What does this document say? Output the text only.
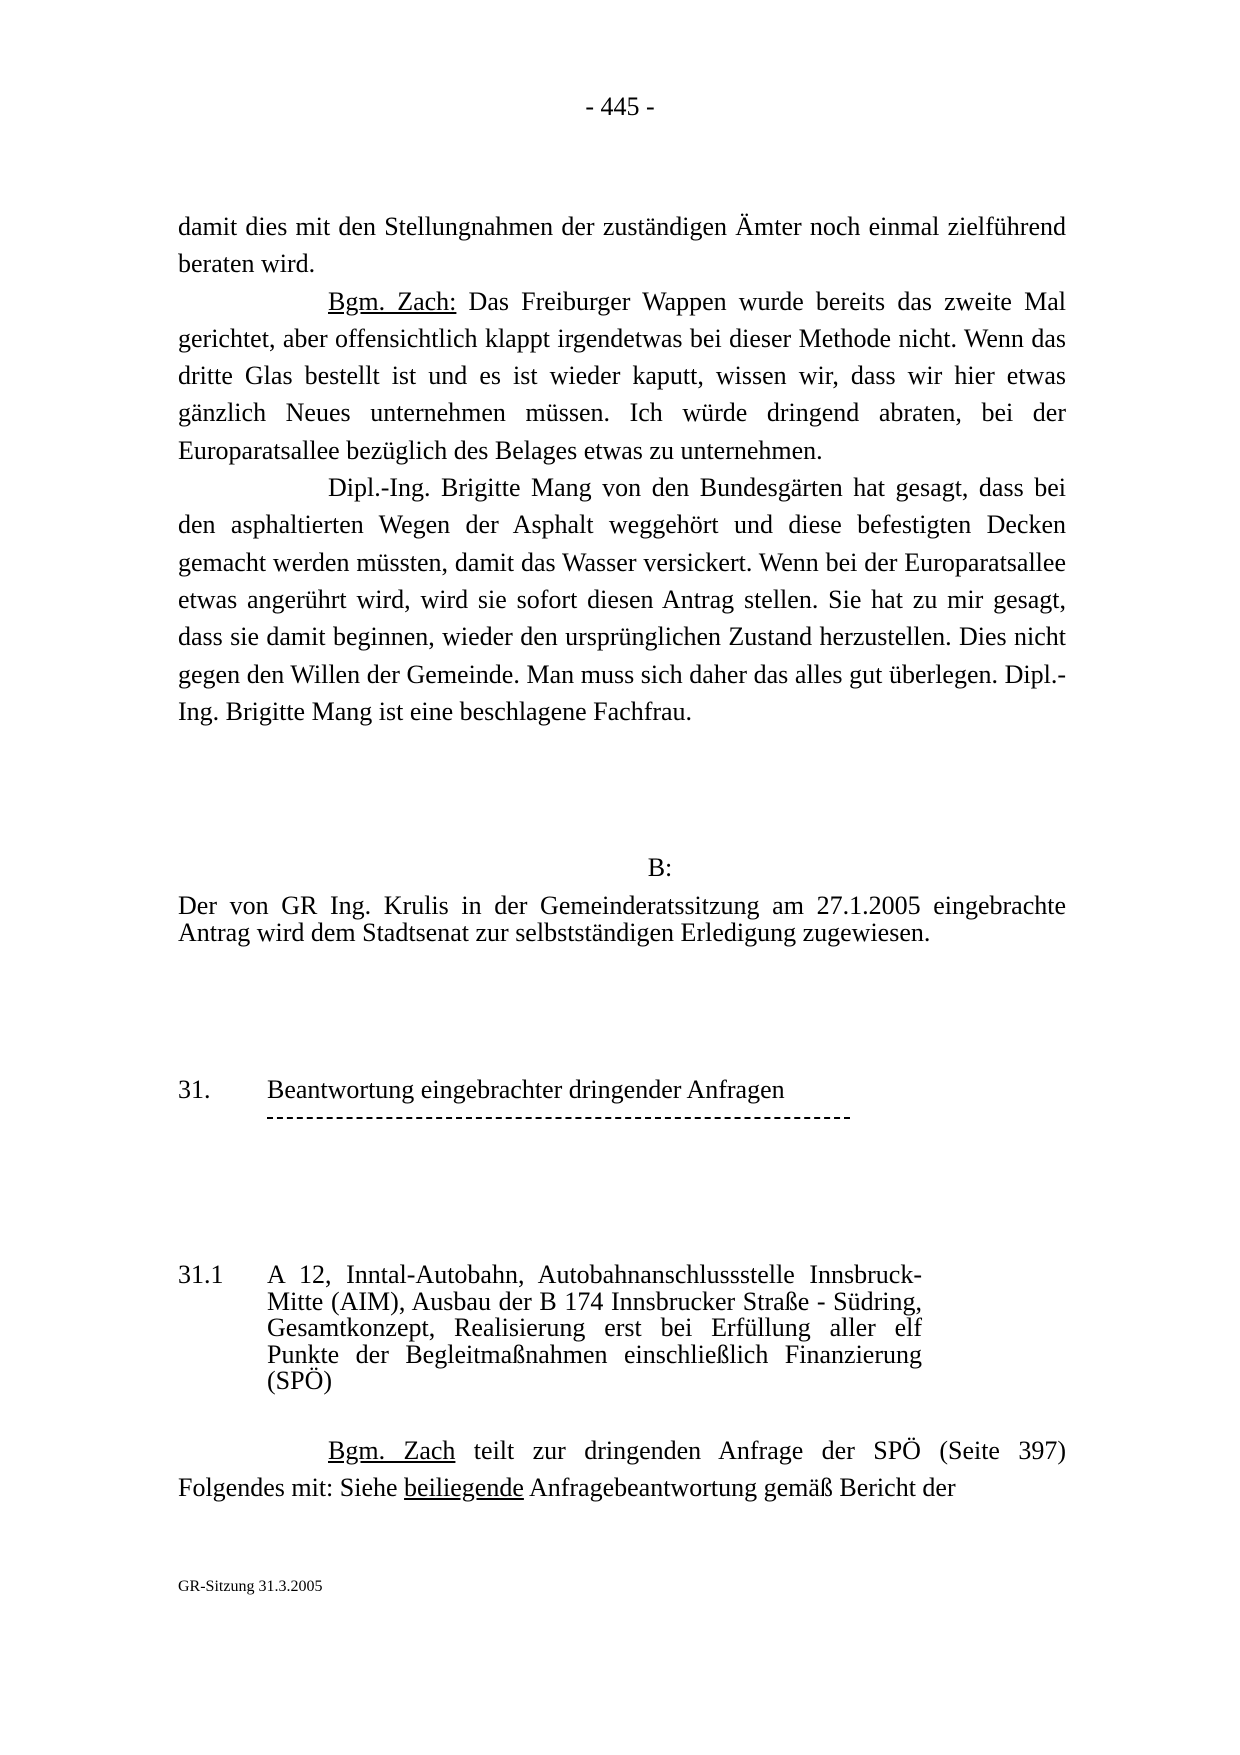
- 445 -
damit dies mit den Stellungnahmen der zuständigen Ämter noch einmal zielführend beraten wird.
Bgm. Zach: Das Freiburger Wappen wurde bereits das zweite Mal gerichtet, aber offensichtlich klappt irgendetwas bei dieser Methode nicht. Wenn das dritte Glas bestellt ist und es ist wieder kaputt, wissen wir, dass wir hier etwas gänzlich Neues unternehmen müssen. Ich würde dringend abraten, bei der Europaratsallee bezüglich des Belages etwas zu unternehmen.
Dipl.-Ing. Brigitte Mang von den Bundesgärten hat gesagt, dass bei den asphaltierten Wegen der Asphalt weggehört und diese befestigten Decken gemacht werden müssten, damit das Wasser versickert. Wenn bei der Europaratsallee etwas angerührt wird, wird sie sofort diesen Antrag stellen. Sie hat zu mir gesagt, dass sie damit beginnen, wieder den ursprünglichen Zustand herzustellen. Dies nicht gegen den Willen der Gemeinde. Man muss sich daher das alles gut überlegen. Dipl.-Ing. Brigitte Mang ist eine beschlagene Fachfrau.
B:
Der von GR Ing. Krulis in der Gemeinderatssitzung am 27.1.2005 eingebrachte Antrag wird dem Stadtsenat zur selbstständigen Erledigung zugewiesen.
31. Beantwortung eingebrachter dringender Anfragen
31.1 A 12, Inntal-Autobahn, Autobahnanschlussstelle Innsbruck-Mitte (AIM), Ausbau der B 174 Innsbrucker Straße - Südring, Gesamtkonzept, Realisierung erst bei Erfüllung aller elf Punkte der Begleitmaßnahmen einschließlich Finanzierung (SPÖ)
Bgm. Zach teilt zur dringenden Anfrage der SPÖ (Seite 397) Folgendes mit: Siehe beiliegende Anfragebeantwortung gemäß Bericht der
GR-Sitzung 31.3.2005
